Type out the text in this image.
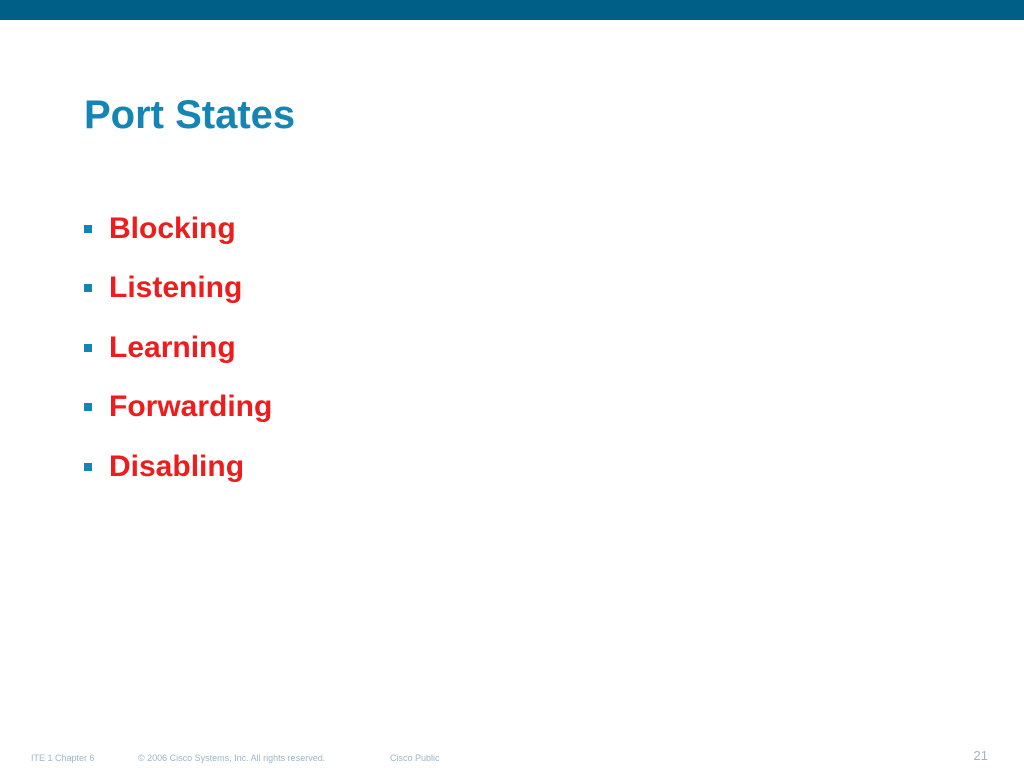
Port States
Blocking
Listening
Learning
Forwarding
Disabling
ITE 1 Chapter 6	© 2006 Cisco Systems, Inc. All rights reserved.	Cisco Public	21
